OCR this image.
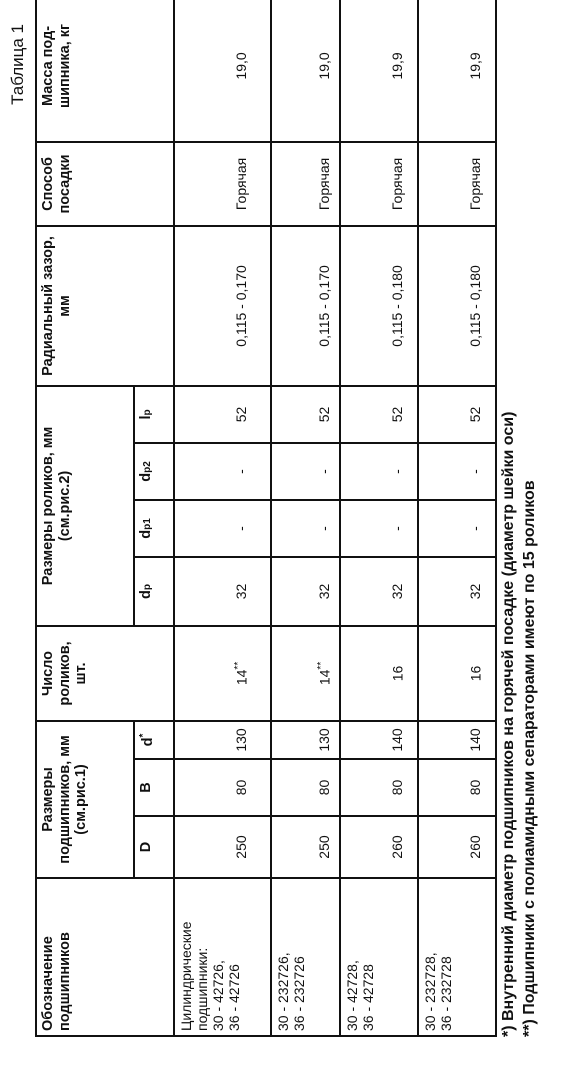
Таблица 1
Обозначение подшипников	Размеры подшипников, мм (см.рис.1)			Число роликов, шт.	Размеры роликов, мм (см.рис.2)				Радиальный зазор, мм	Способ посадки	Масса под-шипника, кг
	D	B	d*		dp	dp1	dp2	lp			

Цилиндрические подшипники: 30 - 42726, 36 - 42726	250	80	130	14**	32	-	-	52	0,115 - 0,170	Горячая	19,0

30 - 232726, 36 - 232726	250	80	130	14**	32	-	-	52	0,115 - 0,170	Горячая	19,0

30 - 42728, 36 - 42728	260	80	140	16	32	-	-	52	0,115 - 0,180	Горячая	19,9

30 - 232728, 36 - 232728	260	80	140	16	32	-	-	52	0,115 - 0,180	Горячая	19,9
*) Внутренний диаметр подшипников на горячей посадке (диаметр шейки оси) **) Подшипники с полиамидными сепараторами имеют по 15 роликов
